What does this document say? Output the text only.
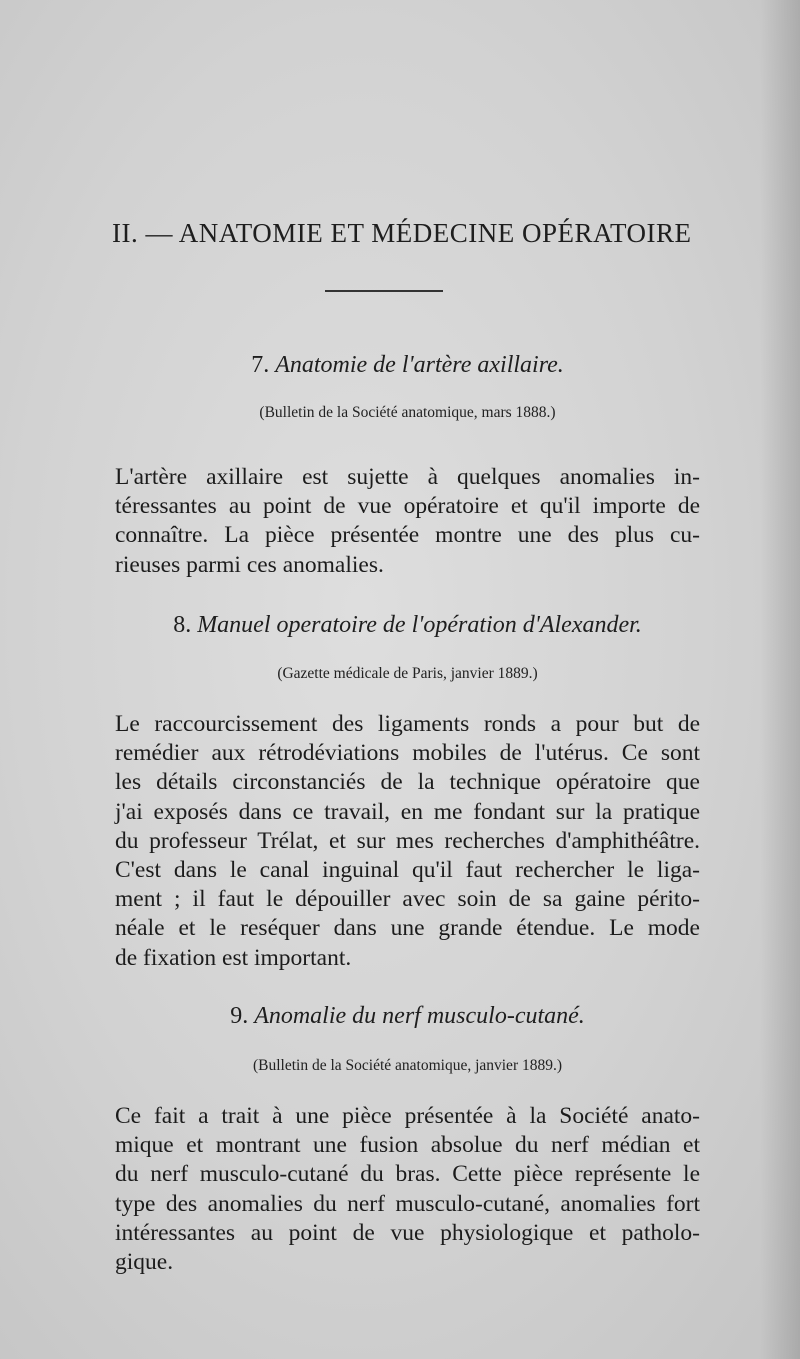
II. — ANATOMIE ET MÉDECINE OPÉRATOIRE
7. Anatomie de l'artère axillaire.
(Bulletin de la Société anatomique, mars 1888.)
L'artère axillaire est sujette à quelques anomalies in-
téressantes au point de vue opératoire et qu'il importe de
connaître. La pièce présentée montre une des plus cu-
rieuses parmi ces anomalies.
8. Manuel operatoire de l'opération d'Alexander.
(Gazette médicale de Paris, janvier 1889.)
Le raccourcissement des ligaments ronds a pour but de
remédier aux rétrodéviations mobiles de l'utérus. Ce sont
les détails circonstanciés de la technique opératoire que
j'ai exposés dans ce travail, en me fondant sur la pratique
du professeur Trélat, et sur mes recherches d'amphithéâtre.
C'est dans le canal inguinal qu'il faut rechercher le liga-
ment ; il faut le dépouiller avec soin de sa gaine périto-
néale et le reséquer dans une grande étendue. Le mode
de fixation est important.
9. Anomalie du nerf musculo-cutané.
(Bulletin de la Société anatomique, janvier 1889.)
Ce fait a trait à une pièce présentée à la Société anato-
mique et montrant une fusion absolue du nerf médian et
du nerf musculo-cutané du bras. Cette pièce représente le
type des anomalies du nerf musculo-cutané, anomalies fort
intéressantes au point de vue physiologique et patholo-
gique.
